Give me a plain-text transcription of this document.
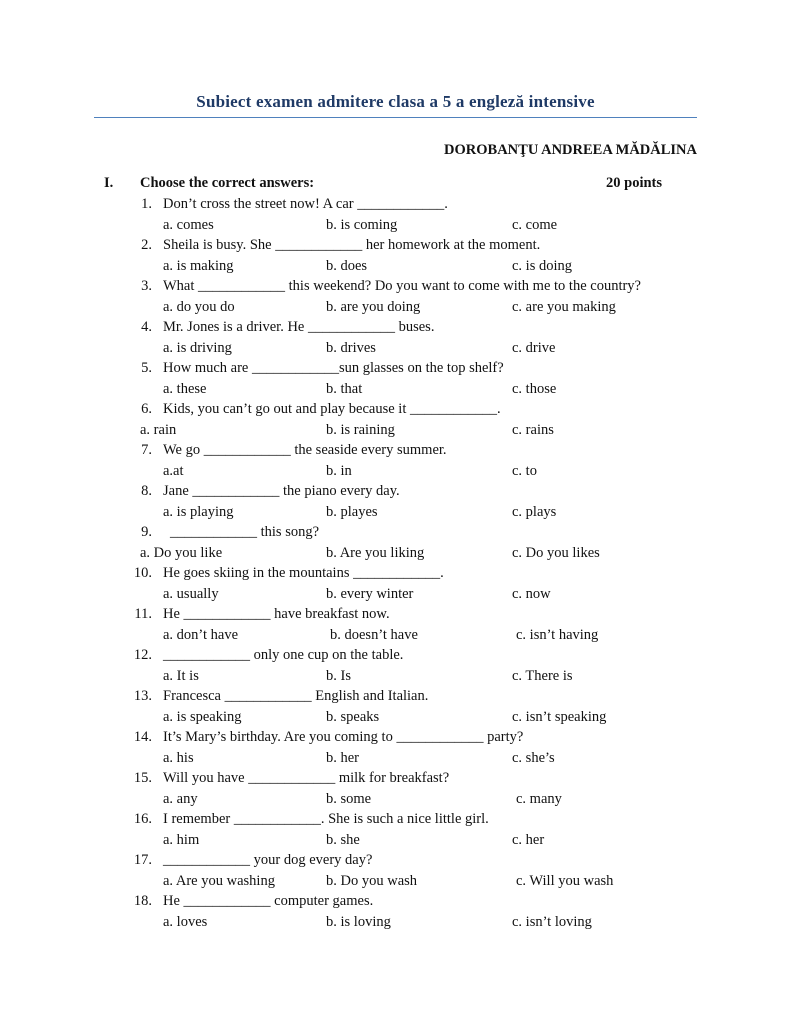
Subiect examen admitere clasa a 5 a engleză intensive
DOROBANŢU ANDREEA MĂDĂLINA
I. Choose the correct answers:	20 points
1. Don’t cross the street now! A car ____________.
a. comes	b. is coming	c. come
2. Sheila is busy. She ____________ her homework at the moment.
a. is making	b. does	c. is doing
3. What ____________ this weekend? Do you want to come with me to the country?
a. do you do	b. are you doing	c. are you making
4. Mr. Jones is a driver. He ____________ buses.
a. is driving	b. drives	c. drive
5. How much are ____________sun glasses on the top shelf?
a. these	b. that	c. those
6. Kids, you can’t go out and play because it ____________.
a. rain	b. is raining	c. rains
7. We go ____________ the seaside every summer.
a.at	b. in	c. to
8. Jane ____________ the piano every day.
a. is playing	b. playes	c. plays
9. ____________ this song?
a. Do you like	b. Are you liking	c. Do you likes
10. He goes skiing in the mountains ____________.
a. usually	b. every winter	c. now
11. He ____________ have breakfast now.
a. don’t have	b. doesn’t have	c. isn’t having
12. ____________ only one cup on the table.
a. It is	b. Is	c. There is
13. Francesca ____________ English and Italian.
a. is speaking	b. speaks	c. isn’t speaking
14. It’s Mary’s birthday. Are you coming to ____________ party?
a. his	b. her	c. she’s
15. Will you have ____________ milk for breakfast?
a. any	b. some	c. many
16. I remember ____________. She is such a nice little girl.
a. him	b. she	c. her
17. ____________ your dog every day?
a. Are you washing	b. Do you wash	c. Will you wash
18. He ____________ computer games.
a. loves	b. is loving	c. isn’t loving
